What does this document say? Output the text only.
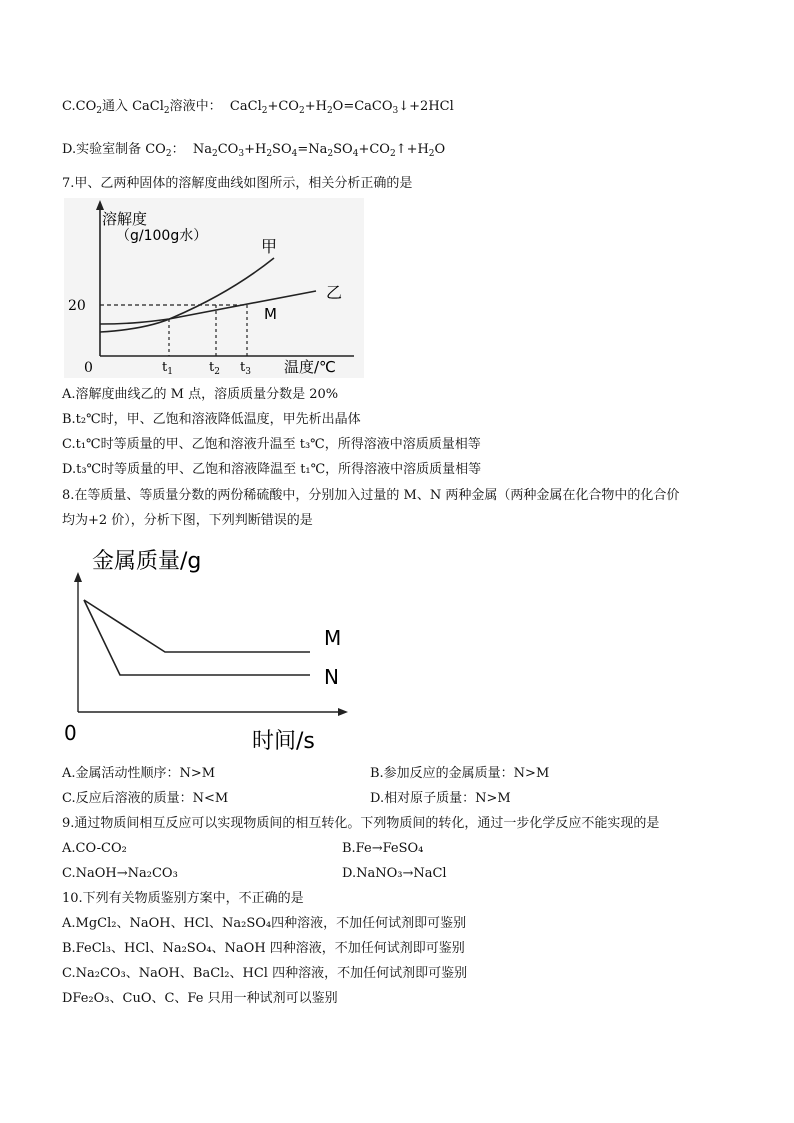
$C.CO_2$通入 CaCl$_2$溶液中： $CaCl_2+CO_2+H_2O=CaCO_3↓+2HCl$
D.实验室制备 $CO_2$： $Na_2CO_3+H_2SO_4=Na_2SO_4+CO_2↑+H_2O$
7.甲、乙两种固体的溶解度曲线如图所示，相关分析正确的是
溶解度
（g/100g水）
甲
乙
M
20
0	$t_1$	$t_2$ $t_3$ 温度/℃
A.溶解度曲线乙的 M 点，溶质质量分数是 20%
B.t₂℃时，甲、乙饱和溶液降低温度，甲先析出晶体
C.t₁℃时等质量的甲、乙饱和溶液升温至 t₃℃，所得溶液中溶质质量相等
D.t₃℃时等质量的甲、乙饱和溶液降温至 t₁℃，所得溶液中溶质质量相等
8.在等质量、等质量分数的两份稀硫酸中，分别加入过量的 M、N 两种金属（两种金属在化合物中的化合价
均为+2 价），分析下图，下列判断错误的是
金属质量/g
M
N
0	时间/s
A.金属活动性顺序：N>M	B.参加反应的金属质量：N>M
C.反应后溶液的质量：N<M	D.相对原子质量：N>M
9.通过物质间相互反应可以实现物质间的相互转化。下列物质间的转化，通过一步化学反应不能实现的是
A.CO-CO₂	B.Fe→FeSO₄
C.NaOH→Na₂CO₃	D.NaNO₃→NaCl
10.下列有关物质鉴别方案中，不正确的是
A.MgCl₂、NaOH、HCl、Na₂SO₄四种溶液，不加任何试剂即可鉴别
B.FeCl₃、HCl、Na₂SO₄、NaOH 四种溶液，不加任何试剂即可鉴别
C.Na₂CO₃、NaOH、BaCl₂、HCl 四种溶液，不加任何试剂即可鉴别
DFe₂O₃、CuO、C、Fe 只用一种试剂可以鉴别
